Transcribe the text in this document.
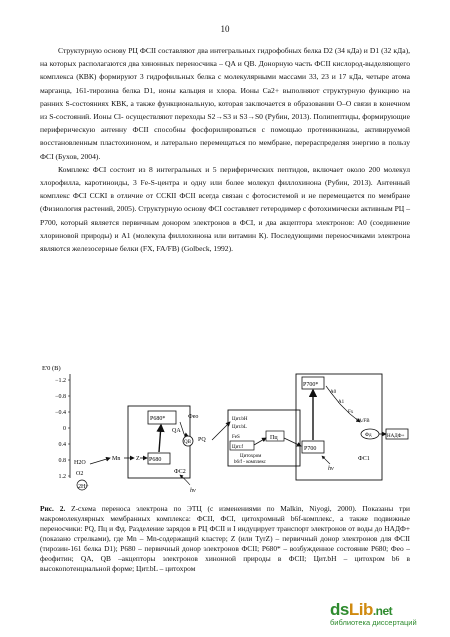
10

Структурную основу РЦ ФСII составляют два интегральных гидрофобных белка D2 (34 кДа) и D1 (32 кДа), на которых располагаются два хинонных переносчика – QA и QB. Донорную часть ФСII кислород-выделяющего комплекса (КВК) формируют 3 гидрофильных белка с молекулярными массами 33, 23 и 17 кДа, четыре атома марганца, 161-тирозина белка D1, ионы кальция и хлора. Ионы Ca2+ выполняют структурную функцию на ранних S-состояниях КВК, а также функциональную, которая заключается в образовании O–O связи в конечном из S-состояний. Ионы Cl- осуществляют переходы S2→S3 и S3→S0 (Рубин, 2013). Полипептиды, формирующие периферическую антенну ФСII способны фосфорилироваться с помощью протеинкиназы, активируемой восстановленным пластохиноном, и латерально перемещаться по мембране, перераспределяя энергию в пользу ФСI (Бухов, 2004).

Комплекс ФСI состоит из 8 интегральных и 5 периферических пептидов, включает около 200 молекул хлорофилла, каротиноиды, 3 Fe-S-центра и одну или более молекул филлохинона (Рубин, 2013). Антенный комплекс ФСI ССКI в отличие от ССКII ФСII всегда связан с фотосистемой и не перемещается по мембране (Физиология растений, 2005). Структурную основу ФСI составляет гетеродимер с фотохимически активным РЦ – Р700, который является первичным донором электронов в ФСI, и два акцептора электронов: А0 (соединение хлориновой природы) и А1 (молекула филлохинона или витамин К). Последующими переносчиками электрона являются железосерные белки (FX, FA/FB) (Golbeck, 1992).

E'0 (B)
−1.2
−0.8
−0.4
0
0.4
0.8
1.2
P680*
P680
Фео
QA
QB PQ
ФС2
H2O
O2
2H+
Mn	Z
hν
Цит.bН
Цит.bL
FeS
Цит.f
Цитохром
b6/f - комплекс
Пц
P700*
P700
A0
A1
Fx
FA/FB
Фд	НАДФ+
ФС1
hν
Рис. 2. Z-схема переноса электрона по ЭТЦ (с изменениями по Malkin, Niyogi, 2000). Показаны три макромолекулярных мембранных комплекса: ФСII, ФСI, цитохромный b6f-комплекс, а также подвижные переносчики: PQ, Пц и Фд. Разделение зарядов в РЦ ФСII и I индуцирует транспорт электронов от воды до НАДФ+ (показано стрелками), где Mn – Mn-содержащий кластер; Z (или TyrZ) – первичный донор электронов для ФСII (тирозин-161 белка D1); P680 – первичный донор электронов ФСII; P680* – возбужденное состояние P680; Фео – феофитин; QA, QB –акцепторы электронов хинонной природы в ФСII; Цит.bН – цитохром b6 в высокопотенциальной форме; Цит.bL – цитохром
dsLib.net
библиотека диссертаций
